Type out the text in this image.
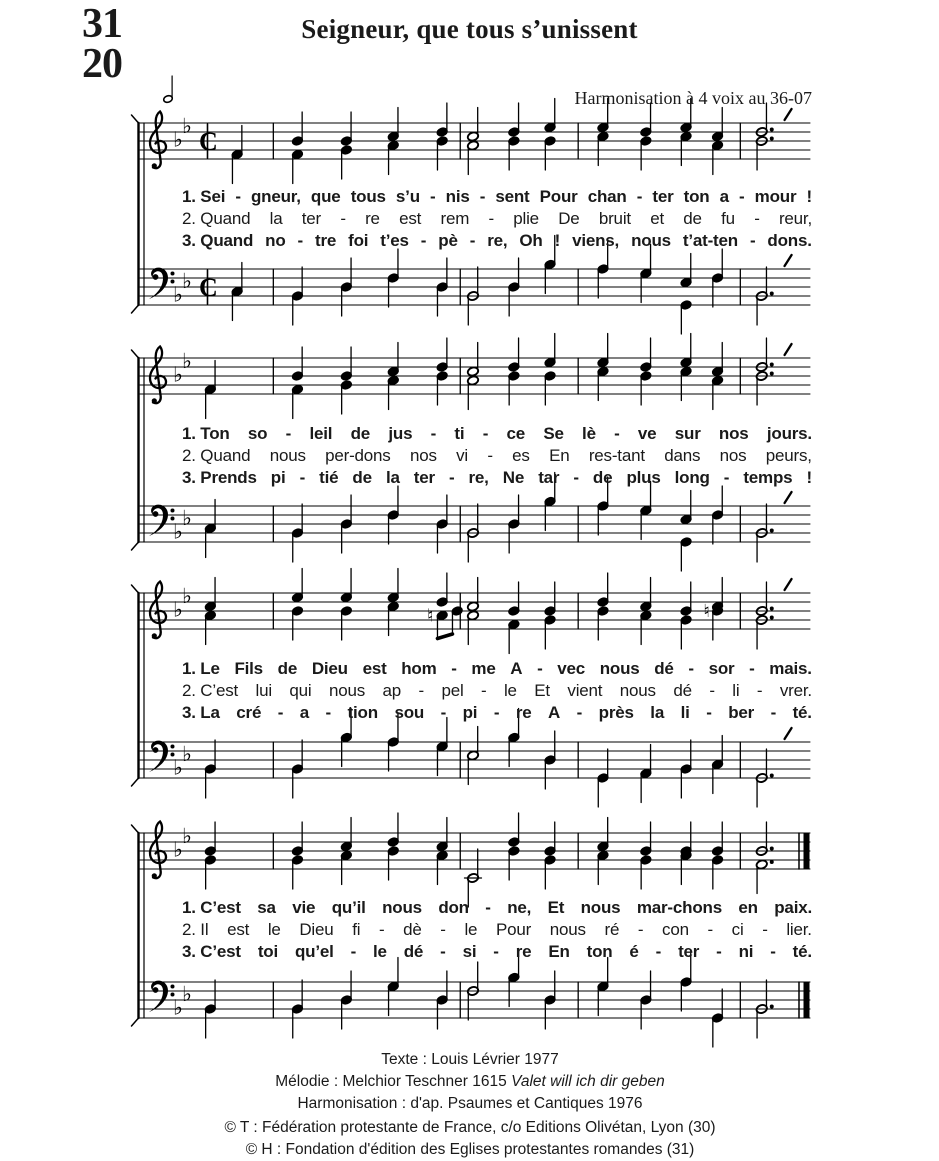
♭
♭
♭
♭
C
C
♭
♭
♭
♭
♭
♭
♭
♭
♮	♮
♭
♭
♭
♭
31
20
Seigneur, que tous s’unissent
Harmonisation à 4 voix au 36-07
1. Sei - gneur, que tous s’u - nis - sent Pour chan - ter ton a - mour !
2. Quand la ter - re est rem - plie De bruit et de fu - reur,
3. Quand no - tre foi t’es - pè - re, Oh ! viens, nous t’at-ten - dons.
1. Ton so - leil de jus - ti - ce Se lè - ve sur nos jours.
2. Quand nous per-dons nos vi - es En res-tant dans nos peurs,
3. Prends pi - tié de la ter - re, Ne tar - de plus long - temps !
1. Le Fils de Dieu est hom - me A - vec nous dé - sor - mais.
2. C’est lui qui nous ap - pel - le Et vient nous dé - li - vrer.
3. La cré - a - tion sou - pi - re A - près la li - ber - té.
1. C’est sa vie qu’il nous don - ne, Et nous mar-chons en paix.
2. Il est le Dieu fi - dè - le Pour nous ré - con - ci - lier.
3. C’est toi qu’el - le dé - si - re En ton é - ter - ni - té.
Texte : Louis Lévrier 1977
Mélodie : Melchior Teschner 1615 Valet will ich dir geben
Harmonisation : d'ap. Psaumes et Cantiques 1976
© T : Fédération protestante de France, c/o Editions Olivétan, Lyon (30)
© H : Fondation d'édition des Eglises protestantes romandes (31)
